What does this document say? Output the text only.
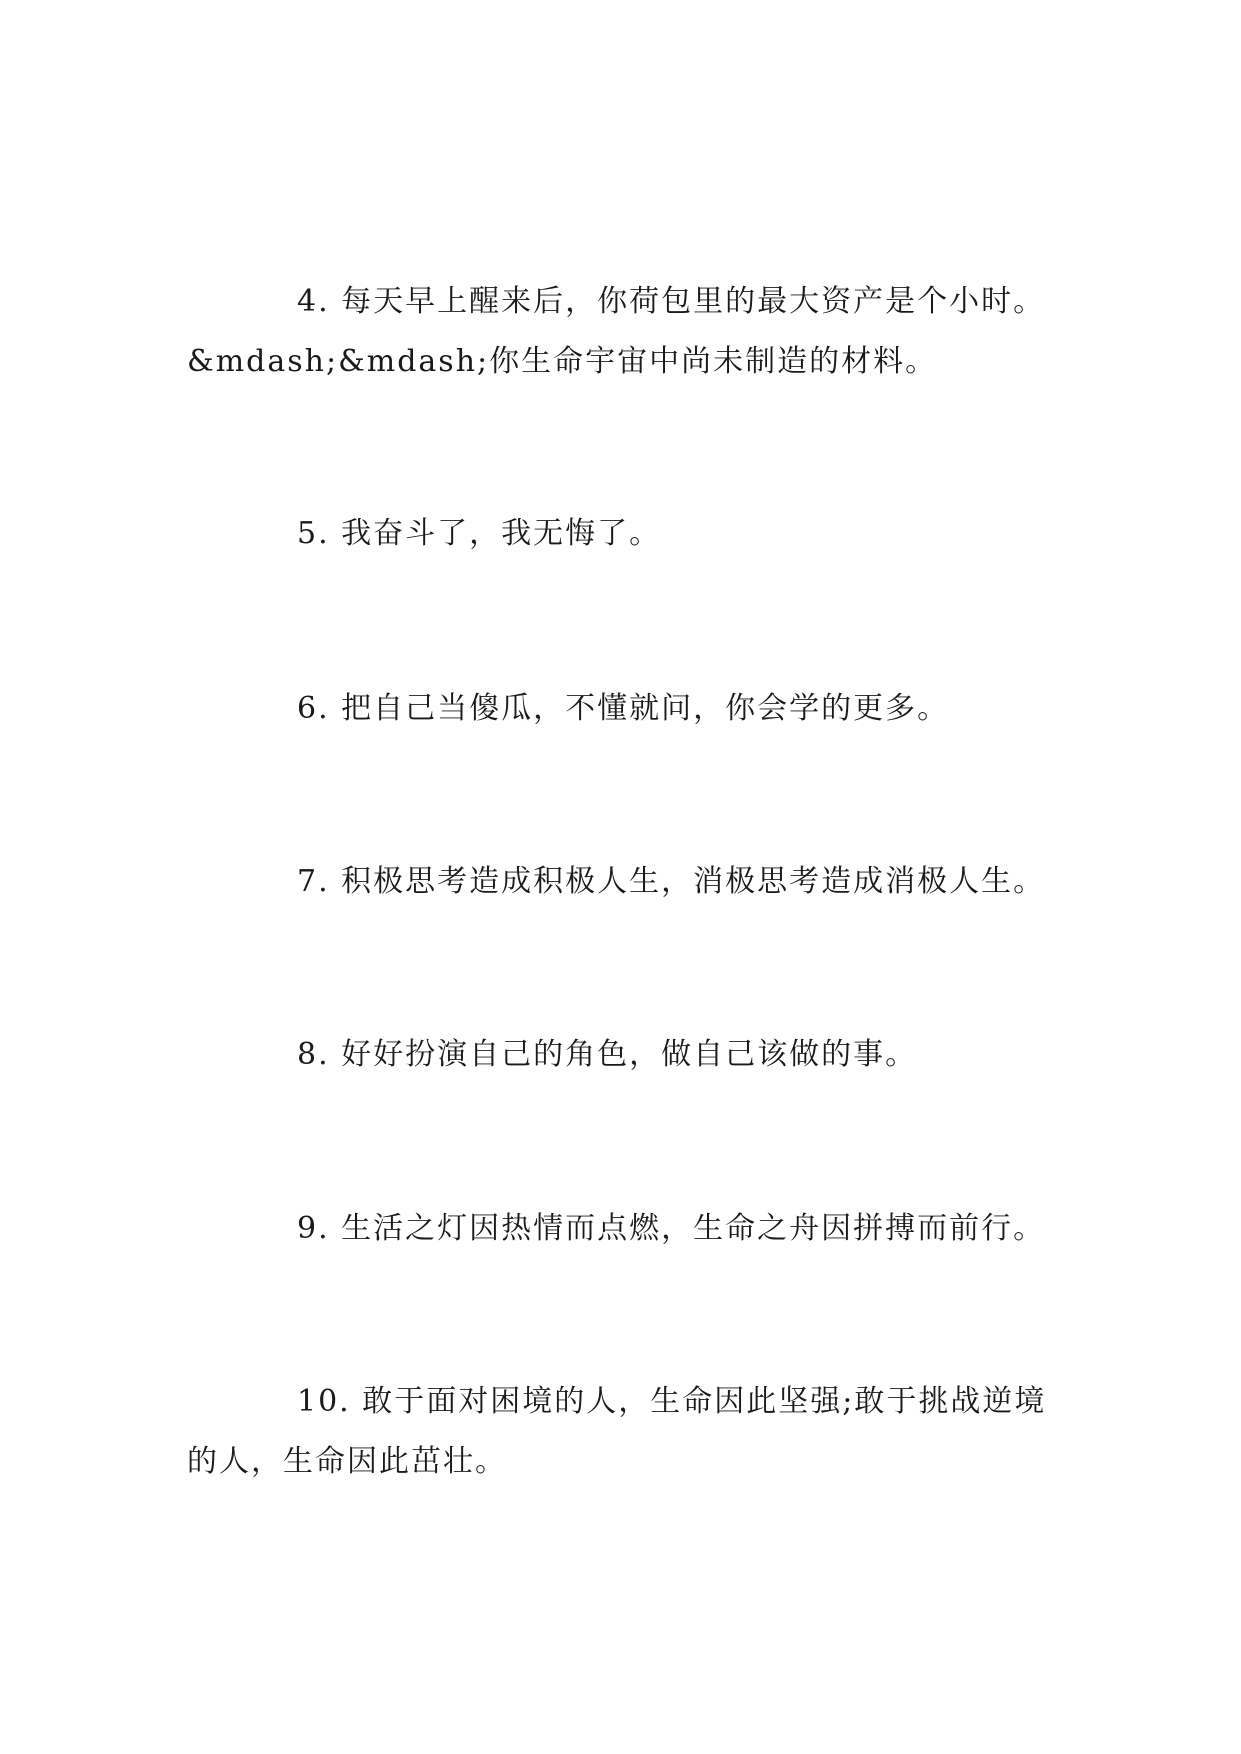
4. 每天早上醒来后，你荷包里的最大资产是个小时。
&mdash;&mdash;你生命宇宙中尚未制造的材料。
5. 我奋斗了，我无悔了。
6. 把自己当傻瓜，不懂就问，你会学的更多。
7. 积极思考造成积极人生，消极思考造成消极人生。
8. 好好扮演自己的角色，做自己该做的事。
9. 生活之灯因热情而点燃，生命之舟因拼搏而前行。
10. 敢于面对困境的人，生命因此坚强;敢于挑战逆境
的人，生命因此茁壮。
